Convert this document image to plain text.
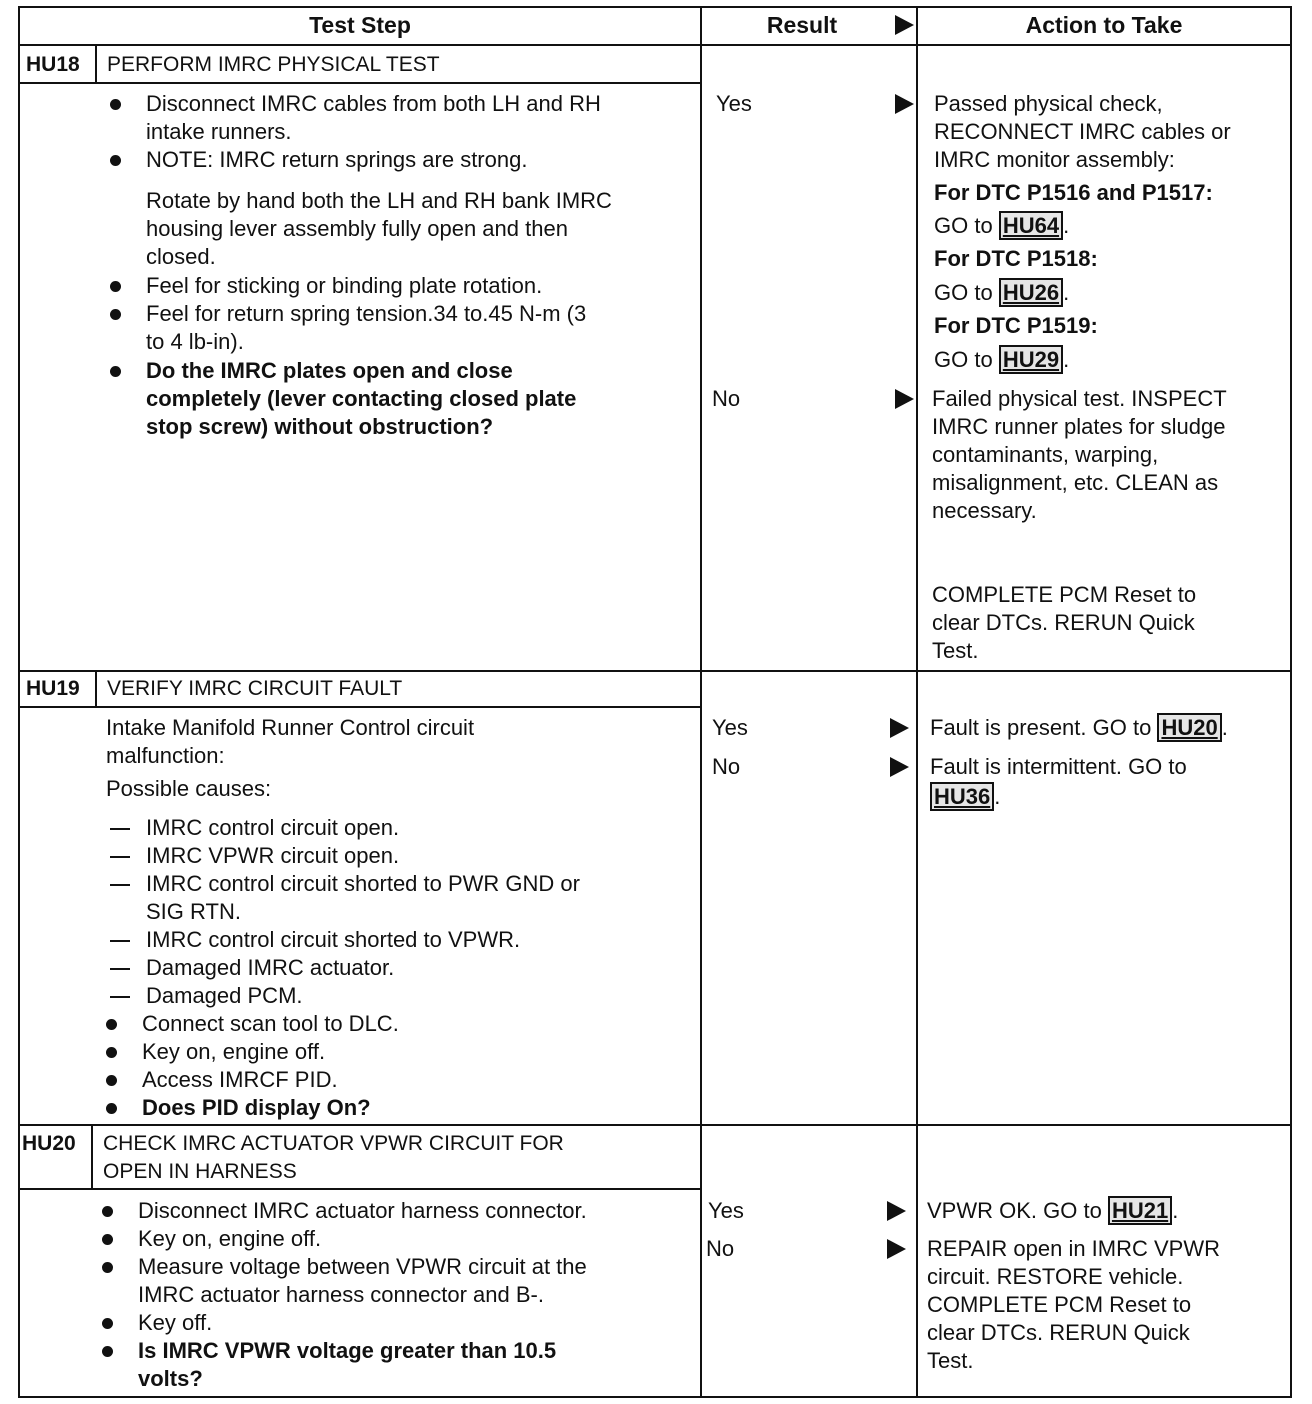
Test Step	Result	Action to Take
HU18 PERFORM IMRC PHYSICAL TEST
Disconnect IMRC cables from both LH and RH
intake runners.
NOTE: IMRC return springs are strong.
Rotate by hand both the LH and RH bank IMRC
housing lever assembly fully open and then
closed.
Feel for sticking or binding plate rotation.
Feel for return spring tension.34 to.45 N-m (3
to 4 lb-in).
Do the IMRC plates open and close
completely (lever contacting closed plate
stop screw) without obstruction?
Yes
No
Passed physical check,
RECONNECT IMRC cables or
IMRC monitor assembly:
For DTC P1516 and P1517:
GO to HU64 .
For DTC P1518:
GO to HU26 .
For DTC P1519:
GO to HU29 .
Failed physical test. INSPECT
IMRC runner plates for sludge
contaminants, warping,
misalignment, etc. CLEAN as
necessary.
COMPLETE PCM Reset to
clear DTCs. RERUN Quick
Test.
HU19 VERIFY IMRC CIRCUIT FAULT
Intake Manifold Runner Control circuit
malfunction:
Possible causes:
IMRC control circuit open.
IMRC VPWR circuit open.
IMRC control circuit shorted to PWR GND or
SIG RTN.
IMRC control circuit shorted to VPWR.
Damaged IMRC actuator.
Damaged PCM.
Connect scan tool to DLC.
Key on, engine off.
Access IMRCF PID.
Does PID display On?
Yes
No
Fault is present. GO to HU20 .
Fault is intermittent. GO to
HU36 .
HU20 CHECK IMRC ACTUATOR VPWR CIRCUIT FOR
OPEN IN HARNESS
Disconnect IMRC actuator harness connector.
Key on, engine off.
Measure voltage between VPWR circuit at the
IMRC actuator harness connector and B-.
Key off.
Is IMRC VPWR voltage greater than 10.5
volts?
Yes
No
VPWR OK. GO to HU21 .
REPAIR open in IMRC VPWR
circuit. RESTORE vehicle.
COMPLETE PCM Reset to
clear DTCs. RERUN Quick
Test.
